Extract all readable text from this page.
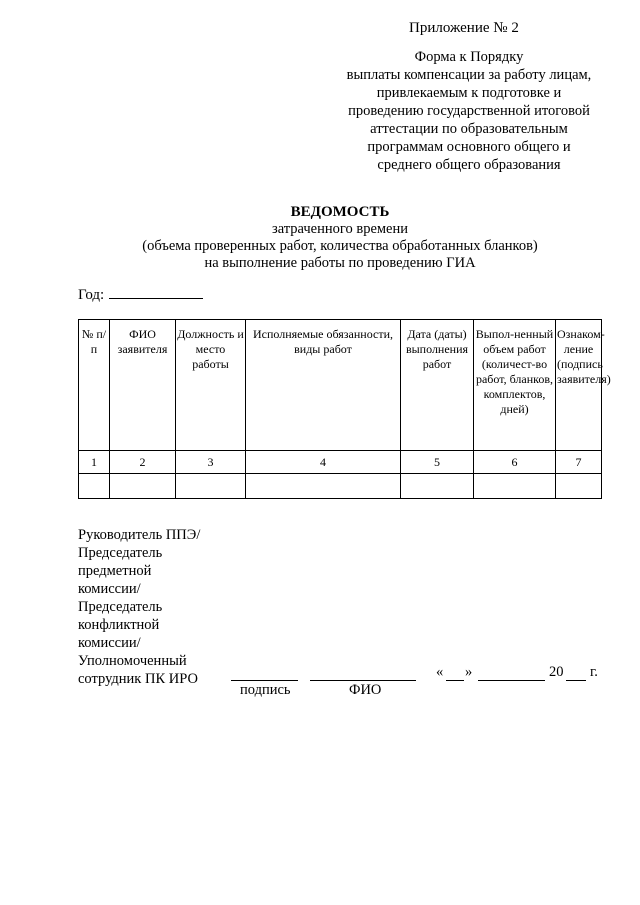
Приложение № 2
Форма к Порядку
выплаты компенсации за работу лицам,
привлекаемым к подготовке и
проведению государственной итоговой
аттестации по образовательным
программам основного общего и
среднего общего образования
ВЕДОМОСТЬ
затраченного времени
(объема проверенных работ, количества обработанных бланков)
на выполнение работы по проведению ГИА
Год:
№ п/п	ФИО заявителя	Должность и место работы	Исполняемые обязанности, виды работ	Дата (даты) выполнения работ	Выпол-ненный объем работ (количест-во работ, бланков, комплектов, дней)	Ознаком-ление (подпись заявителя)
1	2	3	4	5	6	7

Руководитель ППЭ/
Председатель
предметной
комиссии/
Председатель
конфликтной
комиссии/
Уполномоченный
сотрудник ПК ИРО
подпись	ФИО
« »	20 г.
